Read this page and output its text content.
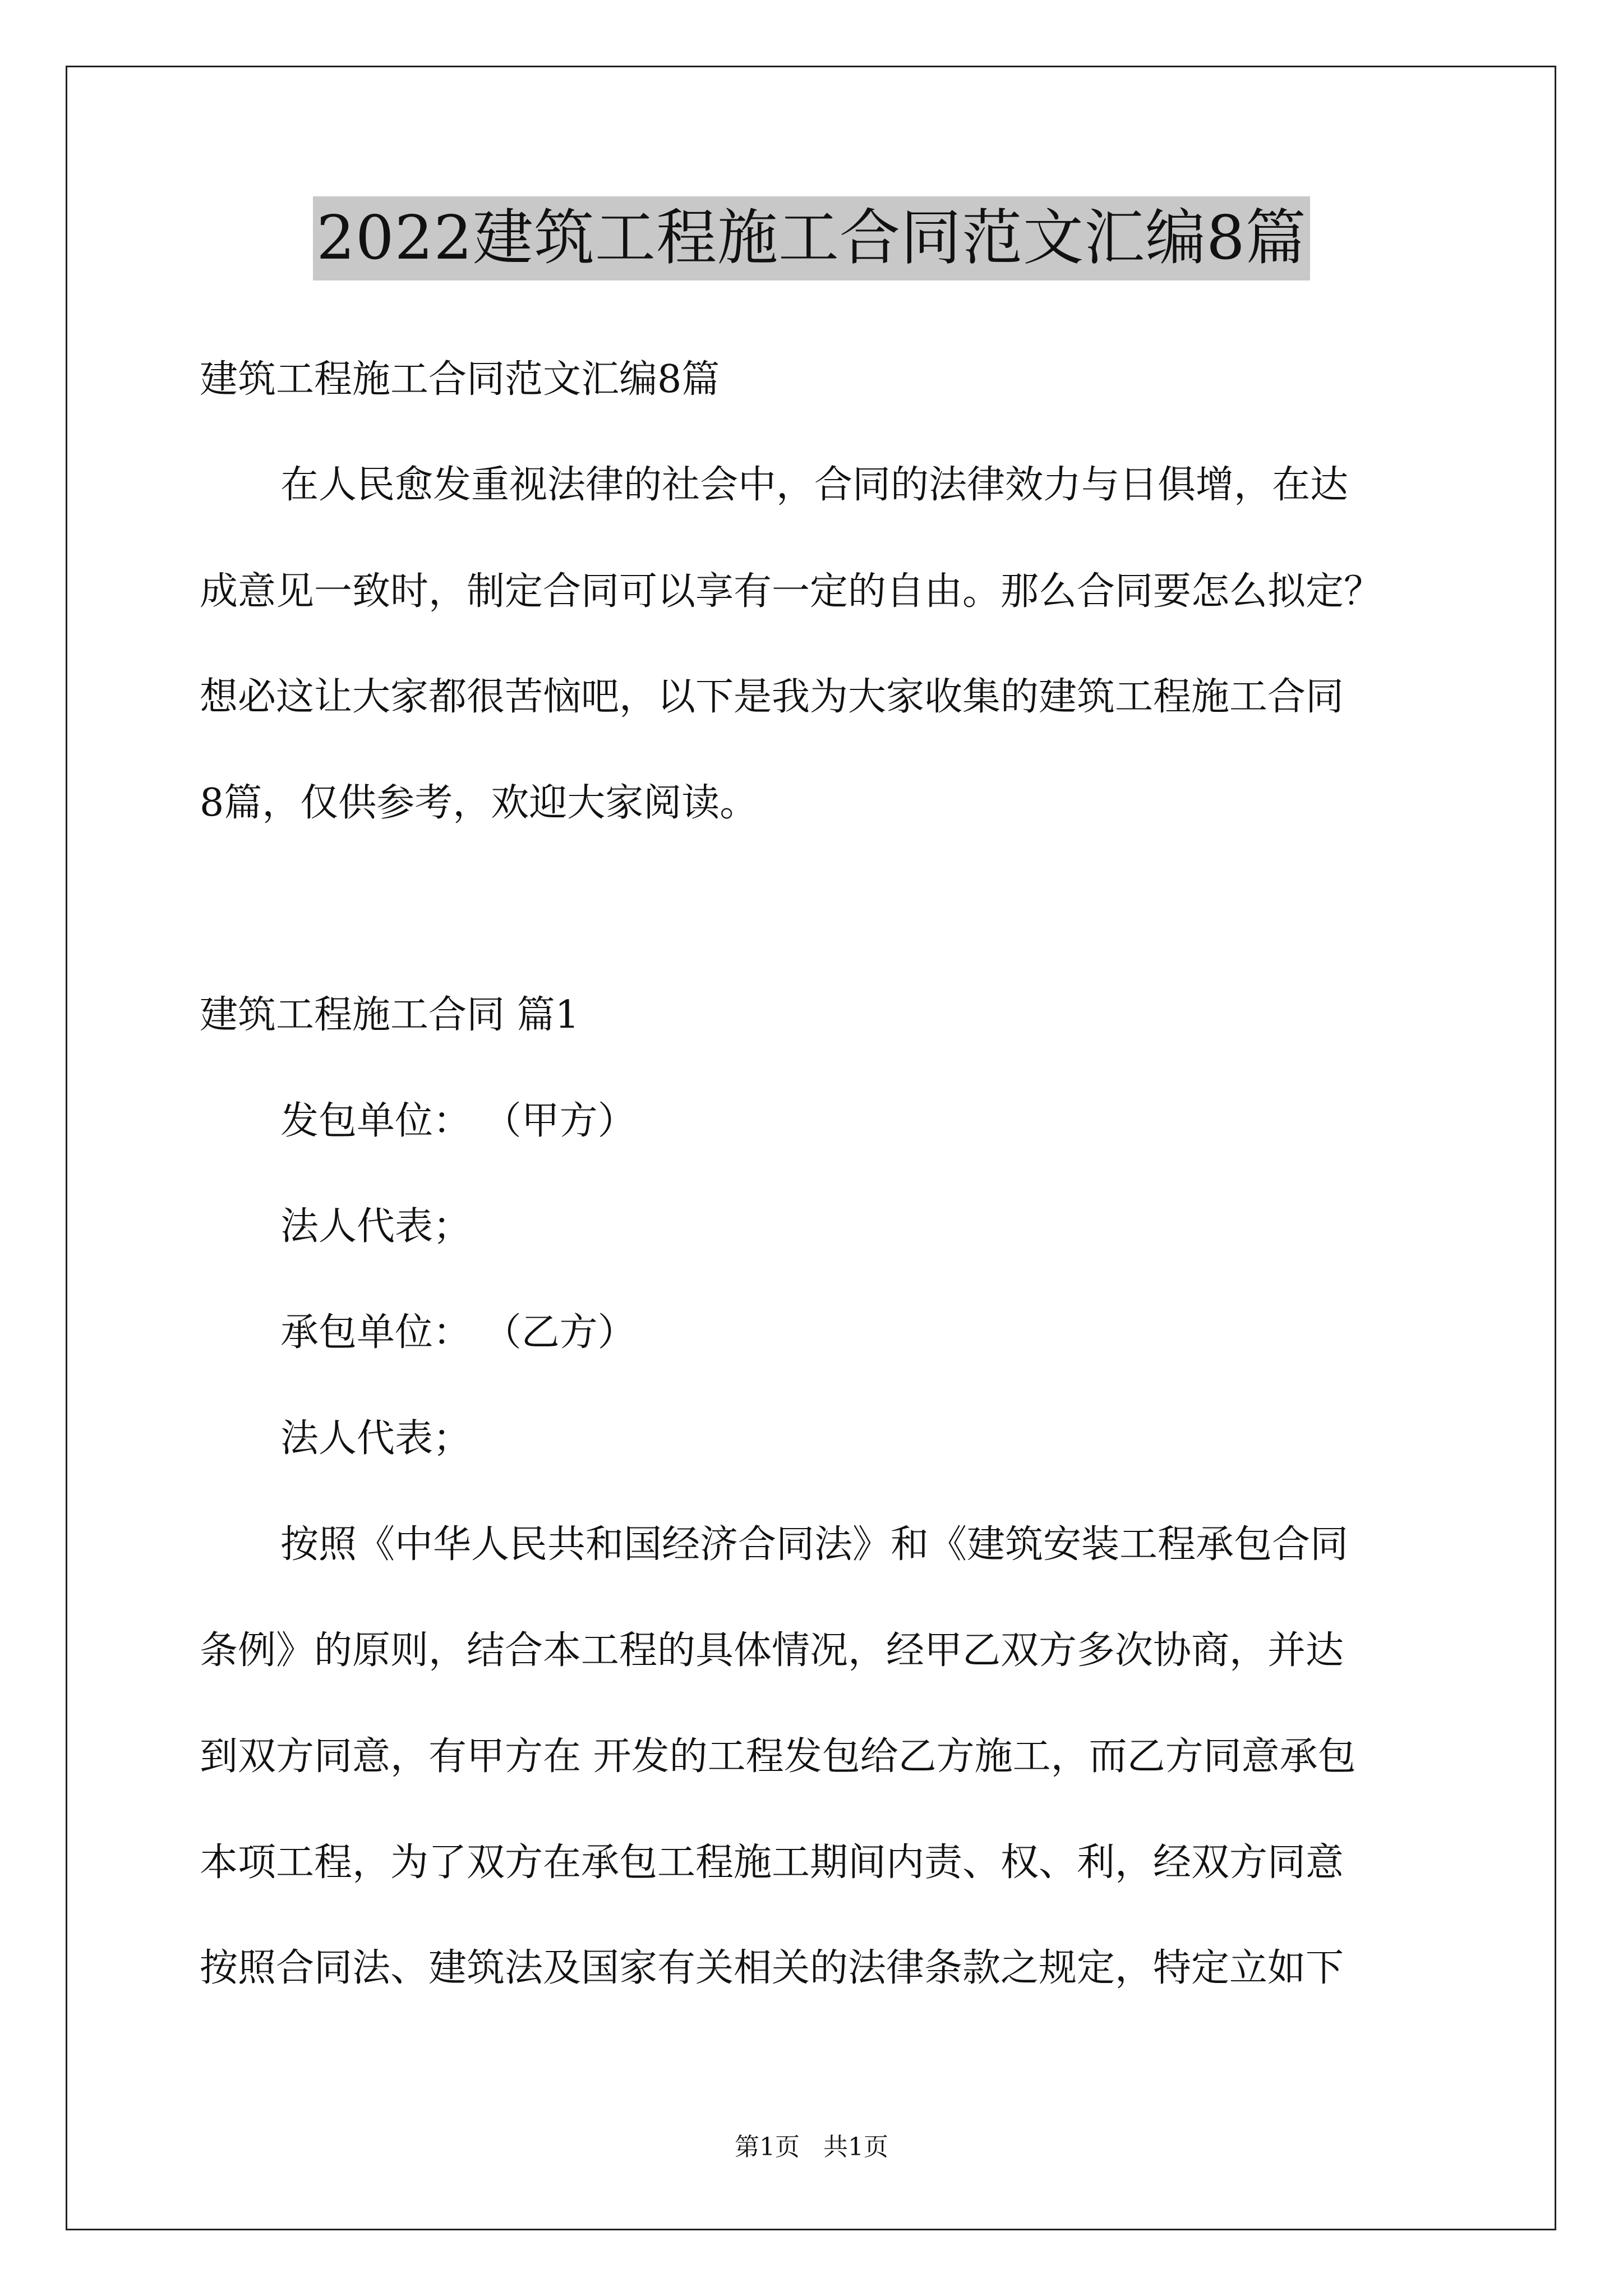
2022建筑工程施工合同范文汇编8篇
建筑工程施工合同范文汇编8篇
在人民愈发重视法律的社会中，合同的法律效力与日俱增，在达
成意见一致时，制定合同可以享有一定的自由。那么合同要怎么拟定？
想必这让大家都很苦恼吧，以下是我为大家收集的建筑工程施工合同
8篇，仅供参考，欢迎大家阅读。
建筑工程施工合同 篇1
发包单位： （甲方）
法人代表；
承包单位： （乙方）
法人代表；
按照《中华人民共和国经济合同法》和《建筑安装工程承包合同
条例》的原则，结合本工程的具体情况，经甲乙双方多次协商，并达
到双方同意，有甲方在 开发的工程发包给乙方施工，而乙方同意承包
本项工程，为了双方在承包工程施工期间内责、权、利，经双方同意
按照合同法、建筑法及国家有关相关的法律条款之规定，特定立如下
第1页   共1页
